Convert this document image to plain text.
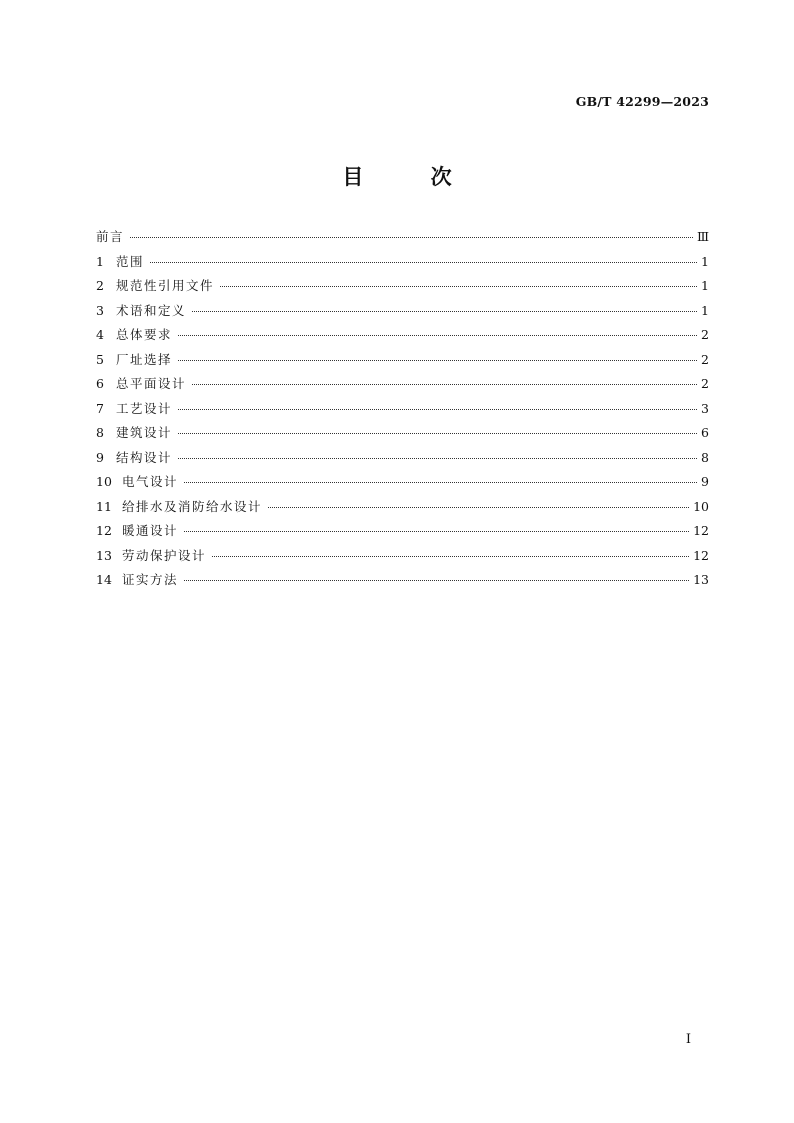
GB/T 42299—2023
目 次
前言	Ⅲ
1 范围	1
2 规范性引用文件	1
3 术语和定义	1
4 总体要求	2
5 厂址选择	2
6 总平面设计	2
7 工艺设计	3
8 建筑设计	6
9 结构设计	8
10 电气设计	9
11 给排水及消防给水设计	10
12 暖通设计	12
13 劳动保护设计	12
14 证实方法	13
I
